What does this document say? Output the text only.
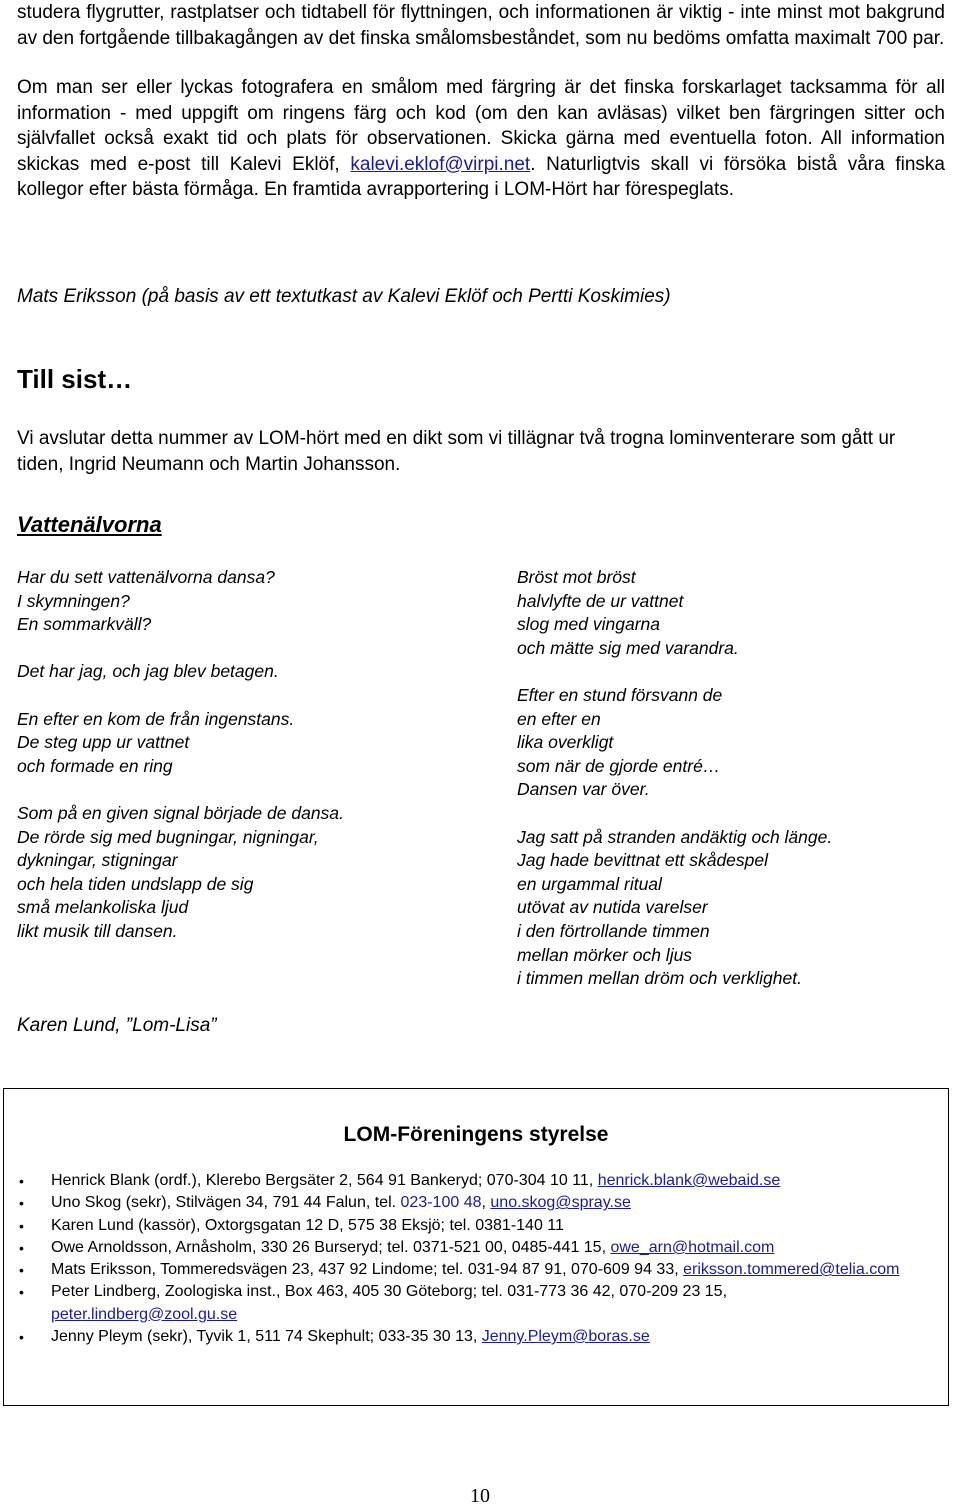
studera flygrutter, rastplatser och tidtabell för flyttningen, och informationen är viktig - inte minst mot bakgrund av den fortgående tillbakagången av det finska smålomsbeståndet, som nu bedöms omfatta maximalt 700 par.

Om man ser eller lyckas fotografera en smålom med färgring är det finska forskarlaget tacksamma för all information - med uppgift om ringens färg och kod (om den kan avläsas) vilket ben färgringen sitter och självfallet också exakt tid och plats för observationen. Skicka gärna med eventuella foton. All information skickas med e-post till Kalevi Eklöf, kalevi.eklof@virpi.net. Naturligtvis skall vi försöka bistå våra finska kollegor efter bästa förmåga. En framtida avrapportering i LOM-Hört har förespeglats.

Mats Eriksson (på basis av ett textutkast av Kalevi Eklöf och Pertti Koskimies)

Till sist…

Vi avslutar detta nummer av LOM-hört med en dikt som vi tillägnar två trogna lominventerare som gått ur tiden, Ingrid Neumann och Martin Johansson.

Vattenälvorna
Har du sett vattenälvorna dansa?
I skymningen?
En sommarkväll?
Det har jag, och jag blev betagen.
En efter en kom de från ingenstans.
De steg upp ur vattnet
och formade en ring
Som på en given signal började de dansa.
De rörde sig med bugningar, nigningar,
dykningar, stigningar
och hela tiden undslapp de sig
små melankoliska ljud
likt musik till dansen.
Bröst mot bröst
halvlyfte de ur vattnet
slog med vingarna
och mätte sig med varandra.
Efter en stund försvann de
en efter en
lika overkligt
som när de gjorde entré…
Dansen var över.
Jag satt på stranden andäktig och länge.
Jag hade bevittnat ett skådespel
en urgammal ritual
utövat av nutida varelser
i den förtrollande timmen
mellan mörker och ljus
i timmen mellan dröm och verklighet.

Karen Lund, ”Lom-Lisa”

LOM-Föreningens styrelse
• Henrick Blank (ordf.), Klerebo Bergsäter 2, 564 91 Bankeryd; 070-304 10 11, henrick.blank@webaid.se
• Uno Skog (sekr), Stilvägen 34, 791 44 Falun, tel. 023-100 48, uno.skog@spray.se
• Karen Lund (kassör), Oxtorgsgatan 12 D, 575 38 Eksjö; tel. 0381-140 11
• Owe Arnoldsson, Arnåsholm, 330 26 Burseryd; tel. 0371-521 00, 0485-441 15, owe_arn@hotmail.com
• Mats Eriksson, Tommeredsvägen 23, 437 92 Lindome; tel. 031-94 87 91, 070-609 94 33, eriksson.tommered@telia.com
• Peter Lindberg, Zoologiska inst., Box 463, 405 30 Göteborg; tel. 031-773 36 42, 070-209 23 15, peter.lindberg@zool.gu.se
• Jenny Pleym (sekr), Tyvik 1, 511 74 Skephult; 033-35 30 13, Jenny.Pleym@boras.se
10
